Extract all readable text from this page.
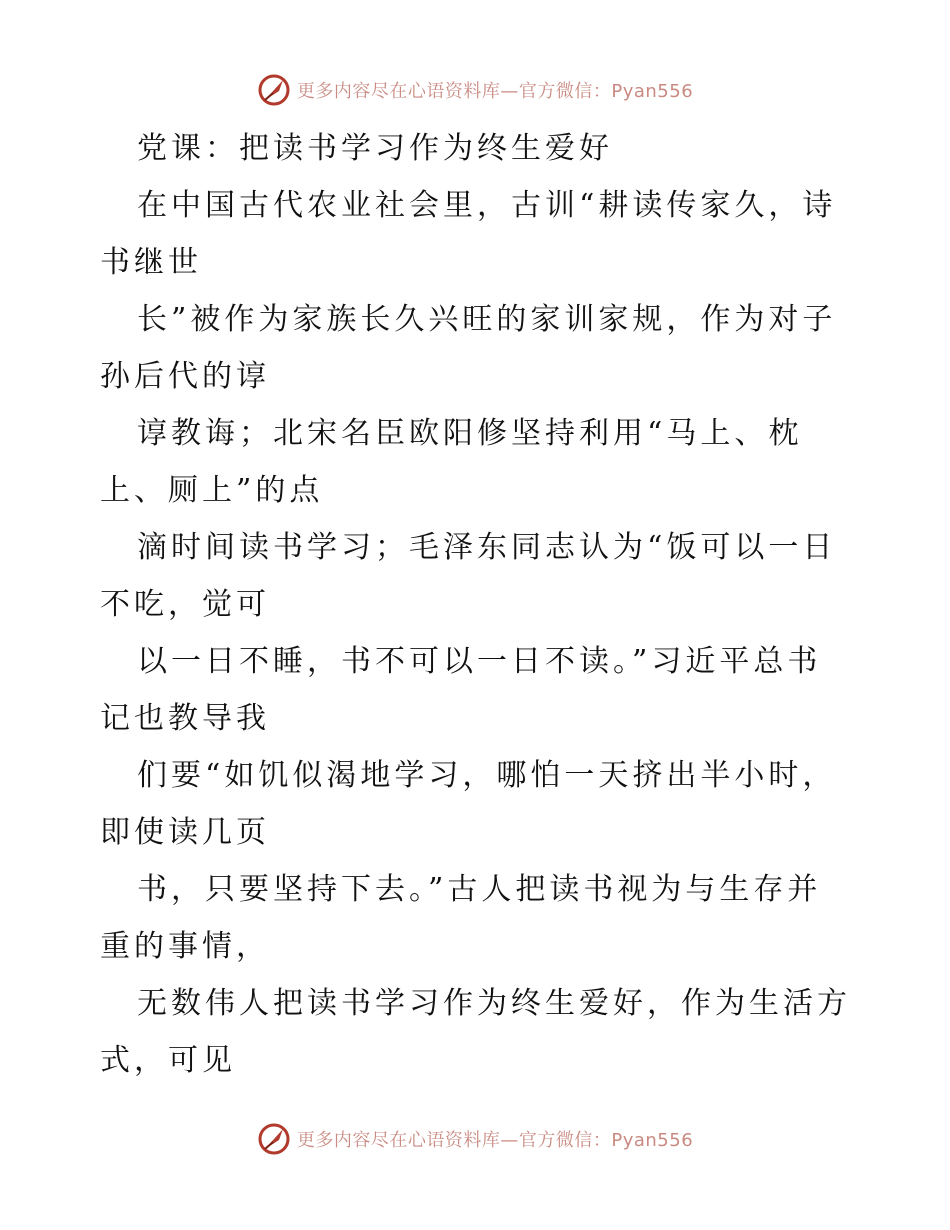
更多内容尽在心语资料库—官方微信：Pyan556
党课：把读书学习作为终生爱好
在中国古代农业社会里，古训“耕读传家久，诗
书继世
长”被作为家族长久兴旺的家训家规，作为对子
孙后代的谆
谆教诲；北宋名臣欧阳修坚持利用“马上、枕
上、厕上”的点
滴时间读书学习；毛泽东同志认为“饭可以一日
不吃，觉可
以一日不睡，书不可以一日不读。”习近平总书
记也教导我
们要“如饥似渴地学习，哪怕一天挤出半小时，
即使读几页
书，只要坚持下去。”古人把读书视为与生存并
重的事情，
无数伟人把读书学习作为终生爱好，作为生活方
式，可见
更多内容尽在心语资料库—官方微信：Pyan556
